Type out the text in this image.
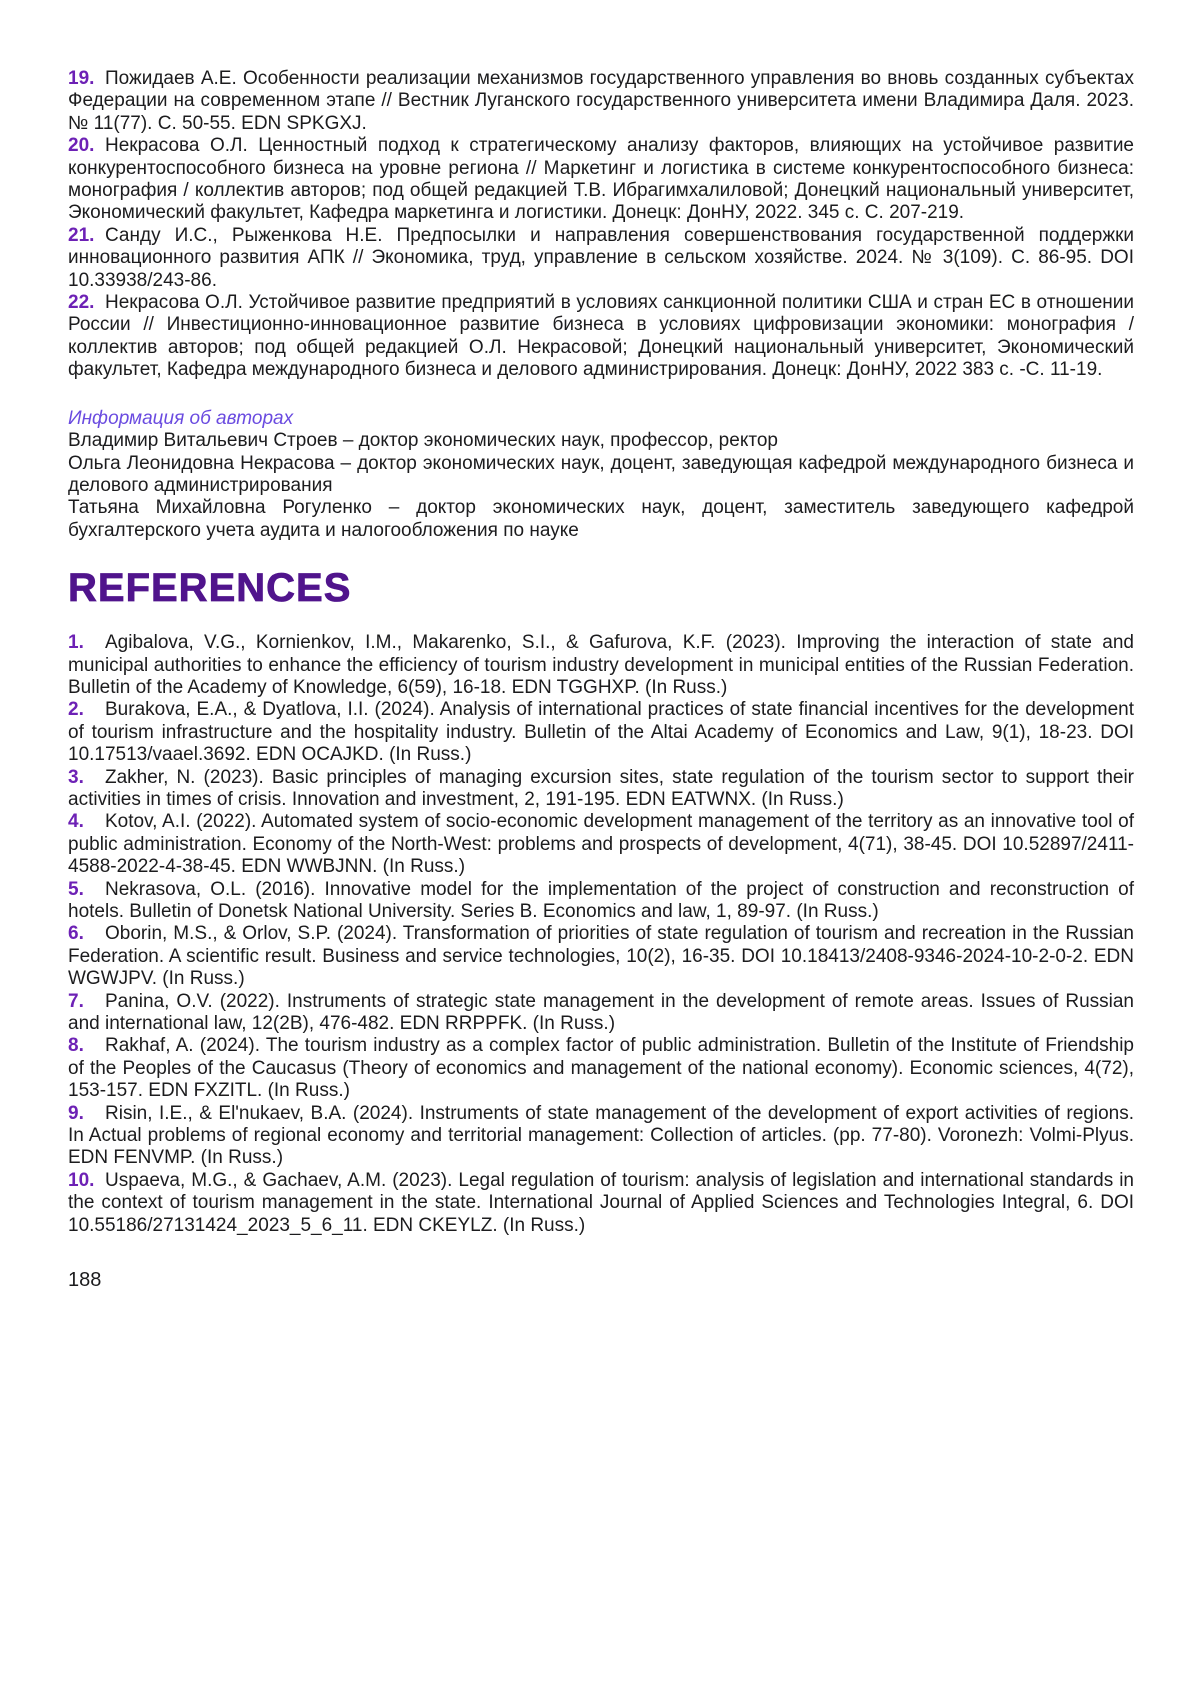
19. Пожидаев А.Е. Особенности реализации механизмов государственного управления во вновь созданных субъектах Федерации на современном этапе // Вестник Луганского государственного университета имени Владимира Даля. 2023. № 11(77). С. 50-55. EDN SPKGXJ.

20. Некрасова О.Л. Ценностный подход к стратегическому анализу факторов, влияющих на устойчивое развитие конкурентоспособного бизнеса на уровне региона // Маркетинг и логистика в системе конкурентоспособного бизнеса: монография / коллектив авторов; под общей редакцией Т.В. Ибрагимхалиловой; Донецкий национальный университет, Экономический факультет, Кафедра маркетинга и логистики. Донецк: ДонНУ, 2022. 345 с. С. 207-219.

21. Санду И.С., Рыженкова Н.Е. Предпосылки и направления совершенствования государственной поддержки инновационного развития АПК // Экономика, труд, управление в сельском хозяйстве. 2024. № 3(109). С. 86-95. DOI 10.33938/243-86.

22. Некрасова О.Л. Устойчивое развитие предприятий в условиях санкционной политики США и стран ЕС в отношении России // Инвестиционно-инновационное развитие бизнеса в условиях цифровизации экономики: монография / коллектив авторов; под общей редакцией О.Л. Некрасовой; Донецкий национальный университет, Экономический факультет, Кафедра международного бизнеса и делового администрирования. Донецк: ДонНУ, 2022 383 с. -С. 11-19.

Информация об авторах

Владимир Витальевич Строев – доктор экономических наук, профессор, ректор

Ольга Леонидовна Некрасова – доктор экономических наук, доцент, заведующая кафедрой международного бизнеса и делового администрирования

Татьяна Михайловна Рогуленко – доктор экономических наук, доцент, заместитель заведующего кафедрой бухгалтерского учета аудита и налогообложения по науке

REFERENCES

1. Agibalova, V.G., Kornienkov, I.M., Makarenko, S.I., & Gafurova, K.F. (2023). Improving the interaction of state and municipal authorities to enhance the efficiency of tourism industry development in municipal entities of the Russian Federation. Bulletin of the Academy of Knowledge, 6(59), 16-18. EDN TGGHXP. (In Russ.)

2. Burakova, E.A., & Dyatlova, I.I. (2024). Analysis of international practices of state financial incentives for the development of tourism infrastructure and the hospitality industry. Bulletin of the Altai Academy of Economics and Law, 9(1), 18-23. DOI 10.17513/vaael.3692. EDN OCAJKD. (In Russ.)

3. Zakher, N. (2023). Basic principles of managing excursion sites, state regulation of the tourism sector to support their activities in times of crisis. Innovation and investment, 2, 191-195. EDN EATWNX. (In Russ.)

4. Kotov, A.I. (2022). Automated system of socio-economic development management of the territory as an innovative tool of public administration. Economy of the North-West: problems and prospects of development, 4(71), 38-45. DOI 10.52897/2411-4588-2022-4-38-45. EDN WWBJNN. (In Russ.)

5. Nekrasova, O.L. (2016). Innovative model for the implementation of the project of construction and reconstruction of hotels. Bulletin of Donetsk National University. Series B. Economics and law, 1, 89-97. (In Russ.)

6. Oborin, M.S., & Orlov, S.P. (2024). Transformation of priorities of state regulation of tourism and recreation in the Russian Federation. A scientific result. Business and service technologies, 10(2), 16-35. DOI 10.18413/2408-9346-2024-10-2-0-2. EDN WGWJPV. (In Russ.)

7. Panina, O.V. (2022). Instruments of strategic state management in the development of remote areas. Issues of Russian and international law, 12(2B), 476-482. EDN RRPPFK. (In Russ.)

8. Rakhaf, A. (2024). The tourism industry as a complex factor of public administration. Bulletin of the Institute of Friendship of the Peoples of the Caucasus (Theory of economics and management of the national economy). Economic sciences, 4(72), 153-157. EDN FXZITL. (In Russ.)

9. Risin, I.E., & El'nukaev, B.A. (2024). Instruments of state management of the development of export activities of regions. In Actual problems of regional economy and territorial management: Collection of articles. (pp. 77-80). Voronezh: Volmi-Plyus. EDN FENVMP. (In Russ.)

10. Uspaeva, M.G., & Gachaev, A.M. (2023). Legal regulation of tourism: analysis of legislation and international standards in the context of tourism management in the state. International Journal of Applied Sciences and Technologies Integral, 6. DOI 10.55186/27131424_2023_5_6_11. EDN CKEYLZ. (In Russ.)

188
